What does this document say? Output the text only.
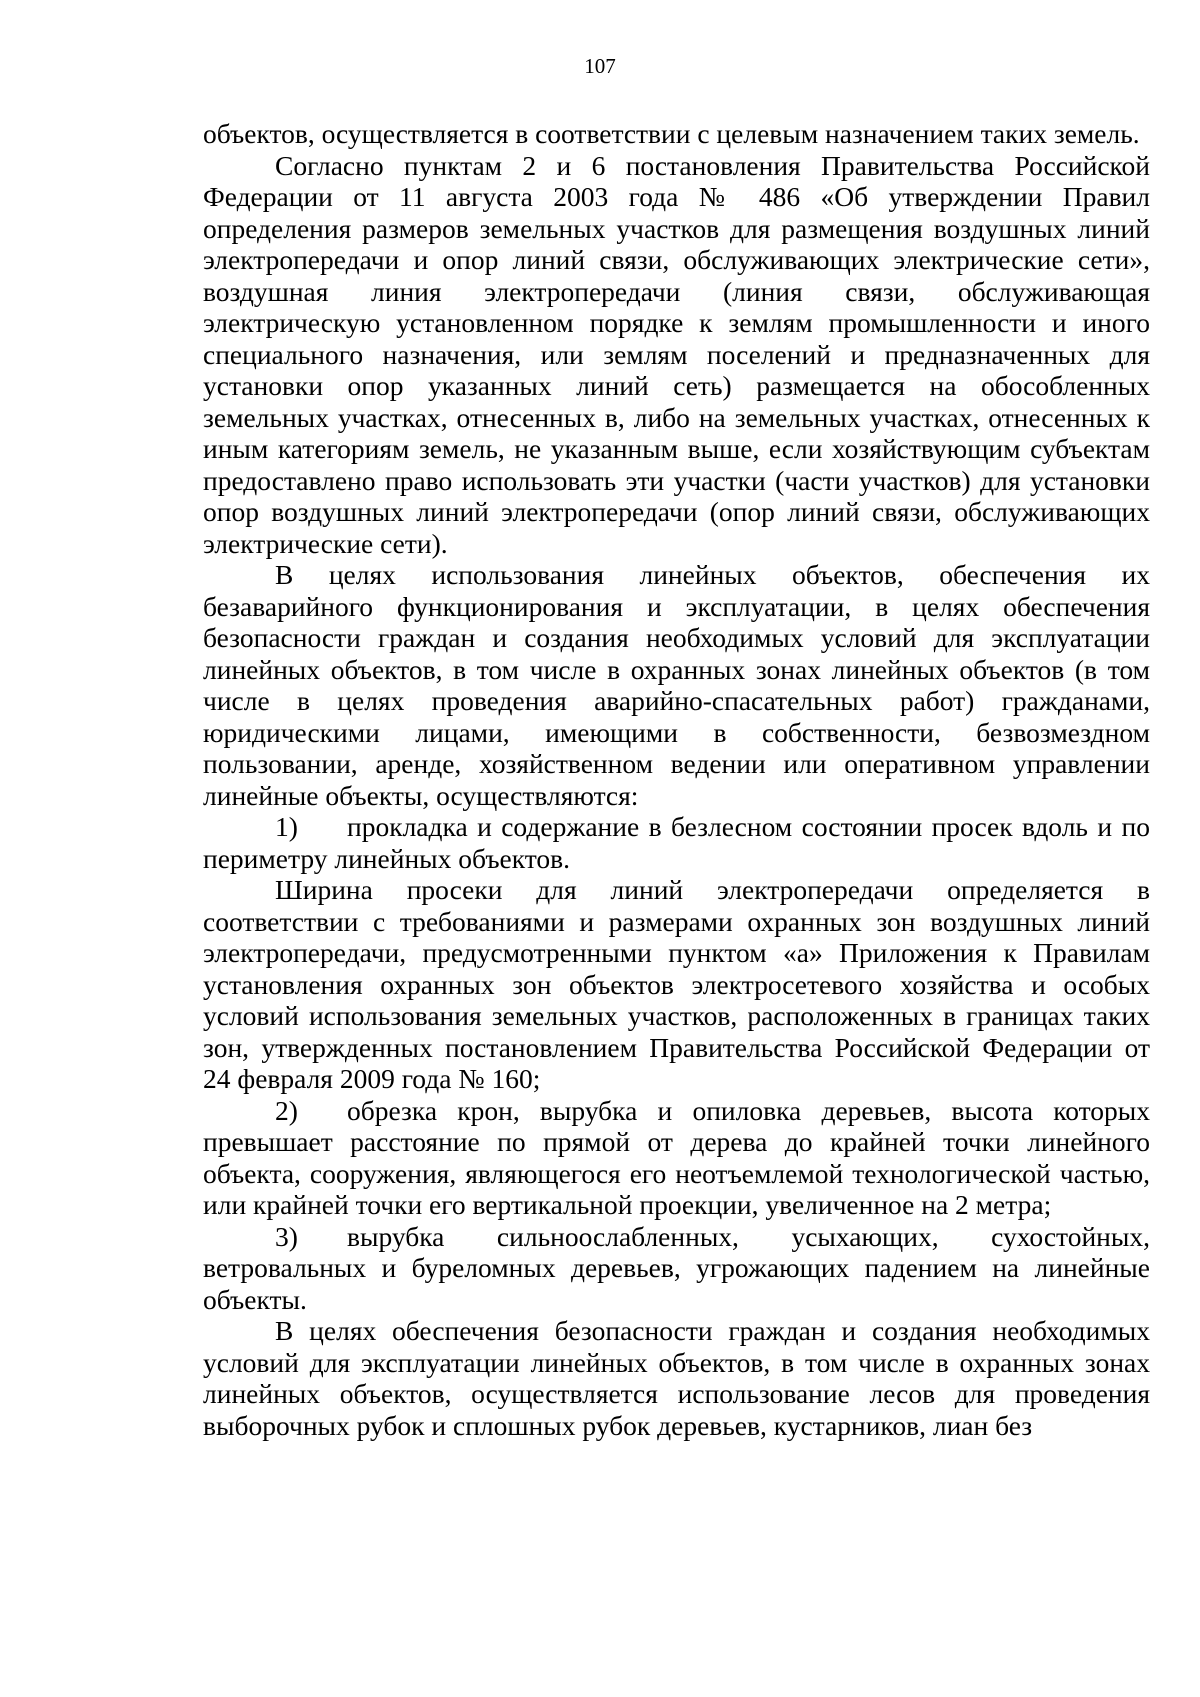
107

объектов, осуществляется в соответствии с целевым назначением таких земель.

Согласно пунктам 2 и 6 постановления Правительства Российской Федерации от 11 августа 2003 года № 486 «Об утверждении Правил определения размеров земельных участков для размещения воздушных линий электропередачи и опор линий связи, обслуживающих электрические сети», воздушная линия электропередачи (линия связи, обслуживающая электрическую установленном порядке к землям промышленности и иного специального назначения, или землям поселений и предназначенных для установки опор указанных линий сеть) размещается на обособленных земельных участках, отнесенных в, либо на земельных участках, отнесенных к иным категориям земель, не указанным выше, если хозяйствующим субъектам предоставлено право использовать эти участки (части участков) для установки опор воздушных линий электропередачи (опор линий связи, обслуживающих электрические сети).

В целях использования линейных объектов, обеспечения их безаварийного функционирования и эксплуатации, в целях обеспечения безопасности граждан и создания необходимых условий для эксплуатации линейных объектов, в том числе в охранных зонах линейных объектов (в том числе в целях проведения аварийно-спасательных работ) гражданами, юридическими лицами, имеющими в собственности, безвозмездном пользовании, аренде, хозяйственном ведении или оперативном управлении линейные объекты, осуществляются:

1) прокладка и содержание в безлесном состоянии просек вдоль и по периметру линейных объектов.

Ширина просеки для линий электропередачи определяется в соответствии с требованиями и размерами охранных зон воздушных линий электропередачи, предусмотренными пунктом «а» Приложения к Правилам установления охранных зон объектов электросетевого хозяйства и особых условий использования земельных участков, расположенных в границах таких зон, утвержденных постановлением Правительства Российской Федерации от 24 февраля 2009 года № 160;

2) обрезка крон, вырубка и опиловка деревьев, высота которых превышает расстояние по прямой от дерева до крайней точки линейного объекта, сооружения, являющегося его неотъемлемой технологической частью, или крайней точки его вертикальной проекции, увеличенное на 2 метра;

3) вырубка сильноослабленных, усыхающих, сухостойных, ветровальных и буреломных деревьев, угрожающих падением на линейные объекты.

В целях обеспечения безопасности граждан и создания необходимых условий для эксплуатации линейных объектов, в том числе в охранных зонах линейных объектов, осуществляется использование лесов для проведения выборочных рубок и сплошных рубок деревьев, кустарников, лиан без
